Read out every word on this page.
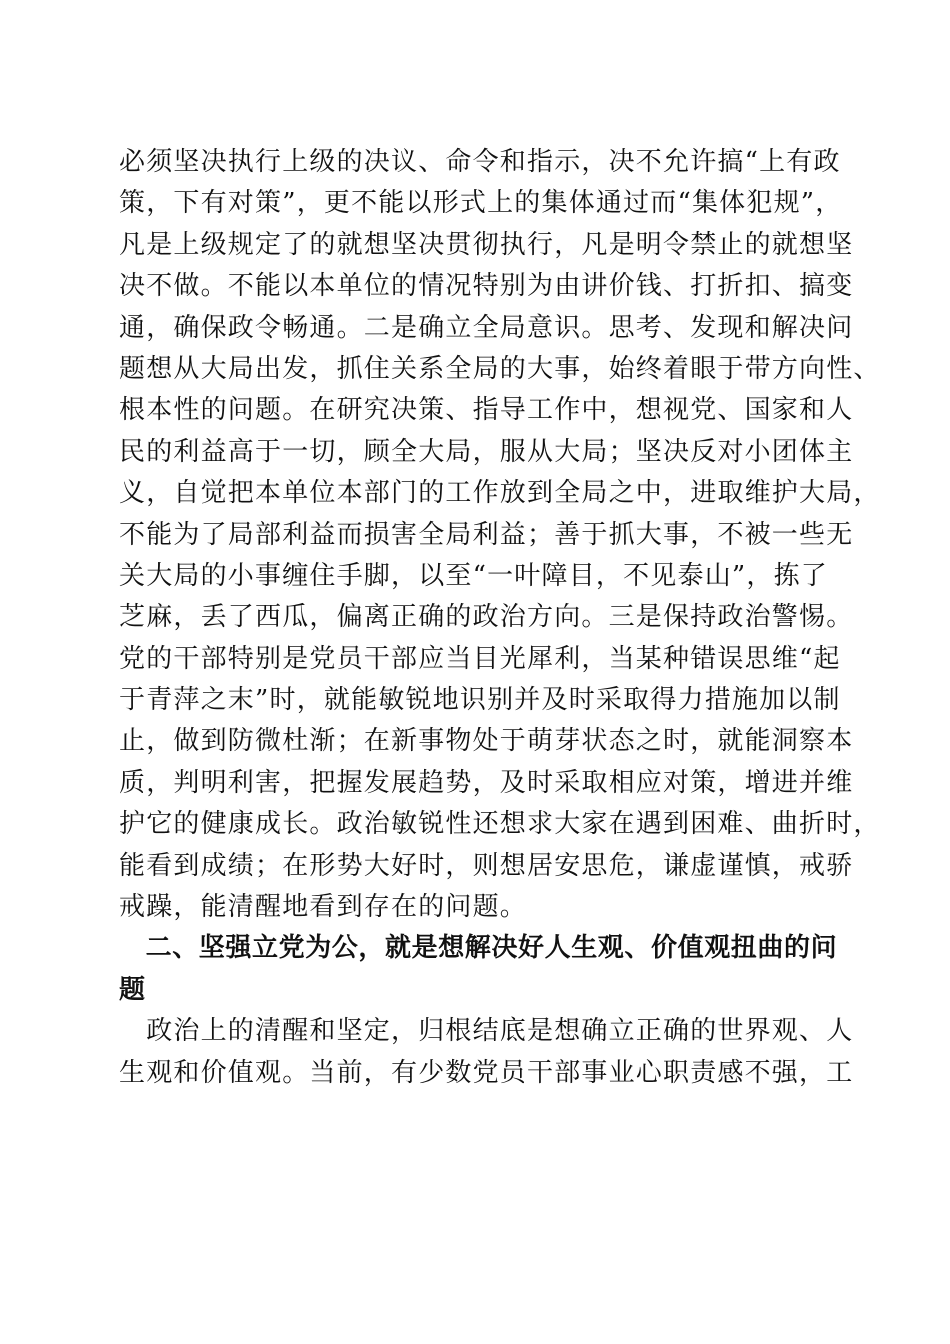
必须坚决执行上级的决议、命令和指示，决不允许搞“上有政
策，下有对策”，更不能以形式上的集体通过而“集体犯规”，
凡是上级规定了的就想坚决贯彻执行，凡是明令禁止的就想坚
决不做。不能以本单位的情况特别为由讲价钱、打折扣、搞变
通，确保政令畅通。二是确立全局意识。思考、发现和解决问
题想从大局出发，抓住关系全局的大事，始终着眼于带方向性、
根本性的问题。在研究决策、指导工作中，想视党、国家和人
民的利益高于一切，顾全大局，服从大局；坚决反对小团体主
义，自觉把本单位本部门的工作放到全局之中，进取维护大局，
不能为了局部利益而损害全局利益；善于抓大事，不被一些无
关大局的小事缠住手脚，以至“一叶障目，不见泰山”，拣了
芝麻，丢了西瓜，偏离正确的政治方向。三是保持政治警惕。
党的干部特别是党员干部应当目光犀利，当某种错误思维“起
于青萍之末”时，就能敏锐地识别并及时采取得力措施加以制
止，做到防微杜渐；在新事物处于萌芽状态之时，就能洞察本
质，判明利害，把握发展趋势，及时采取相应对策，增进并维
护它的健康成长。政治敏锐性还想求大家在遇到困难、曲折时，
能看到成绩；在形势大好时，则想居安思危，谦虚谨慎，戒骄
戒躁，能清醒地看到存在的问题。
　二、坚强立党为公，就是想解决好人生观、价值观扭曲的问
题
　政治上的清醒和坚定，归根结底是想确立正确的世界观、人
生观和价值观。当前，有少数党员干部事业心职责感不强，工
